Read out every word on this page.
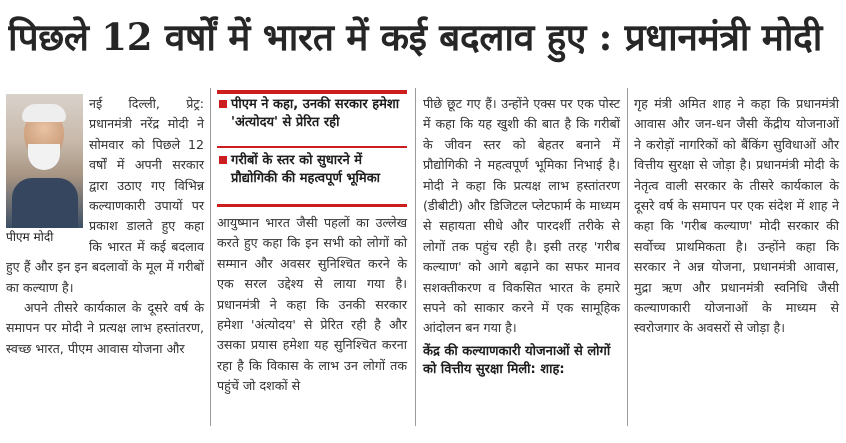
पिछले 12 वर्षों में भारत में कई बदलाव हुए : प्रधानमंत्री मोदी
पीएम मोदी

नई दिल्ली, प्रेट्र: प्रधानमंत्री नरेंद्र मोदी ने सोमवार को पिछले 12 वर्षों में अपनी सरकार द्वारा उठाए गए विभिन्न कल्याणकारी उपायों पर प्रकाश डालते हुए कहा कि भारत में कई बदलाव हुए हैं और इन इन बदलावों के मूल में गरीबों का कल्याण है।

अपने तीसरे कार्यकाल के दूसरे वर्ष के समापन पर मोदी ने प्रत्यक्ष लाभ हस्तांतरण, स्वच्छ भारत, पीएम आवास योजना और

पीएम ने कहा, उनकी सरकार हमेशा 'अंत्योदय' से प्रेरित रही
गरीबों के स्तर को सुधारने में प्रौद्योगिकी की महत्वपूर्ण भूमिका

आयुष्मान भारत जैसी पहलों का उल्लेख करते हुए कहा कि इन सभी को लोगों को सम्मान और अवसर सुनिश्चित करने के एक सरल उद्देश्य से लाया गया है। प्रधानमंत्री ने कहा कि उनकी सरकार हमेशा 'अंत्योदय' से प्रेरित रही है और उसका प्रयास हमेशा यह सुनिश्चित करना रहा है कि विकास के लाभ उन लोगों तक पहुंचें जो दशकों से

पीछे छूट गए हैं। उन्होंने एक्स पर एक पोस्ट में कहा कि यह खुशी की बात है कि गरीबों के जीवन स्तर को बेहतर बनाने में प्रौद्योगिकी ने महत्वपूर्ण भूमिका निभाई है। मोदी ने कहा कि प्रत्यक्ष लाभ हस्तांतरण (डीबीटी) और डिजिटल प्लेटफार्म के माध्यम से सहायता सीधे और पारदर्शी तरीके से लोगों तक पहुंच रही है। इसी तरह 'गरीब कल्याण' को आगे बढ़ाने का सफर मानव सशक्तीकरण व विकसित भारत के हमारे सपने को साकार करने में एक सामूहिक आंदोलन बन गया है।

केंद्र की कल्याणकारी योजनाओं से लोगों को वित्तीय सुरक्षा मिली: शाह:

गृह मंत्री अमित शाह ने कहा कि प्रधानमंत्री आवास और जन-धन जैसी केंद्रीय योजनाओं ने करोड़ों नागरिकों को बैंकिंग सुविधाओं और वित्तीय सुरक्षा से जोड़ा है। प्रधानमंत्री मोदी के नेतृत्व वाली सरकार के तीसरे कार्यकाल के दूसरे वर्ष के समापन पर एक संदेश में शाह ने कहा कि 'गरीब कल्याण' मोदी सरकार की सर्वोच्च प्राथमिकता है। उन्होंने कहा कि सरकार ने अन्न योजना, प्रधानमंत्री आवास, मुद्रा ऋण और प्रधानमंत्री स्वनिधि जैसी कल्याणकारी योजनाओं के माध्यम से स्वरोजगार के अवसरों से जोड़ा है।
